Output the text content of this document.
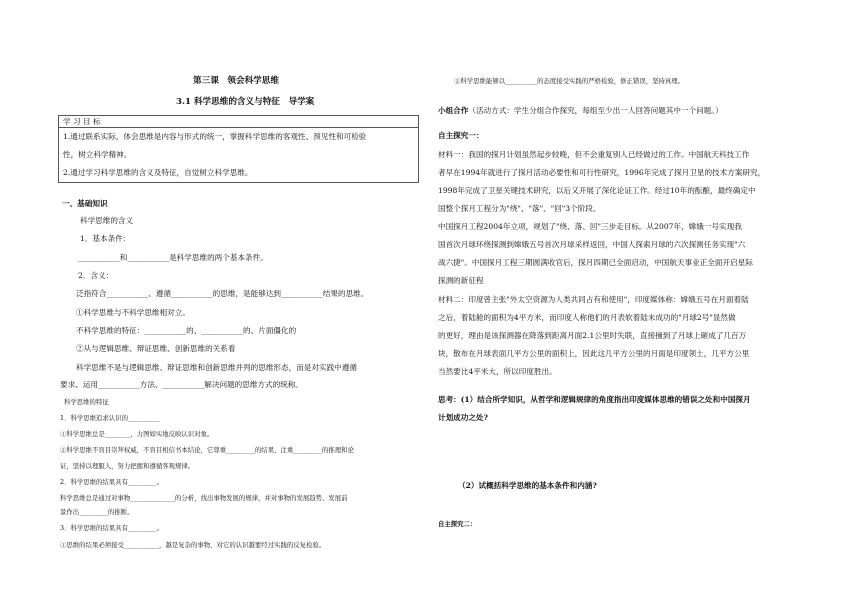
第三课　领会科学思维
3.1 科学思维的含义与特征　导学案
学 习 目 标
1.通过联系实际，体会思维是内容与形式的统一，掌握科学思维的客观性、预见性和可检验
性，树立科学精神。
2.通过学习科学思维的含义及特征，自觉树立科学思维。
一、基础知识
科学思维的含义
1．基本条件：
___________和___________是科学思维的两个基本条件。
2．含义：
泛指符合___________、遵循___________的思维，是能够达到___________结果的思维。
①科学思维与不科学思维相对立。
不科学思维的特征：___________的、___________的、片面僵化的
②从与逻辑思维、辩证思维、创新思维的关系看
科学思维不是与逻辑思维、辩证思维和创新思维并列的思维形态，而是对实践中遵循
要求、运用___________方法、___________解决问题的思维方式的统称。
科学思维的特征
1．科学思维追求认识的__________
①科学思维总是________，力图如实地反映认识对象。
②科学思维不盲目崇拜权威，不盲目相信书本结论，它尊重_________的结果，注重_________的推理和论
证，坚持以理服人，努力把握和遵循客观规律。
2．科学思维的结果具有_________。
科学思维总是通过对事物______________的分析，找出事物发展的规律，并对事物的发展趋势、发展前
景作出_________的推断。
3．科学思维的结果具有_________。
①思维的结果必须接受___________，越是复杂的事物，对它的认识越要经过实践的反复检验。
②科学思维能够以__________的态度接受实践的严格检验，修正错误，坚持真理。
小组合作（活动方式：学生分组合作探究，每组至少出一人回答问题其中一个问题。）
自主探究一：
材料一：我国的探月计划虽然起步较晚，但不会重复别人已经做过的工作。中国航天科技工作
者早在1994年就进行了探月活动必要性和可行性研究，1996年完成了探月卫星的技术方案研究，
1998年完成了卫星关键技术研究，以后又开展了深化论证工作。经过10年的酝酿，最终确定中
国整个探月工程分为"绕"、"落"、"回"3个阶段。
中国探月工程2004年立项，规划了"绕、落、回"三步走目标。从2007年，嫦娥一号实现我
国首次月球环绕探测到嫦娥五号首次月球采样返回，中国人探索月球的六次探测任务实现"六
战六捷"。中国探月工程三期圆满收官后，探月四期已全面启动，中国航天事业正全面开启星际
探测的新征程
材料二：印度曾主张"外太空资源为人类共同占有和使用"，印度媒体称：嫦娥五号在月面着陆
之后，着陆舱的面积为4平方米，而印度人称他们的月表软着陆未成功的"月球2号"显然做
的更好，理由是该探测器在降落到距离月面2.1公里时失联，直接撞到了月球上砸成了几百万
块，散布在月球表面几平方公里的面积上，因此这几平方公里的月面是印度领土，几平方公里
当然要比4平米大，所以印度胜出。
思考：(1）结合所学知识，从哲学和逻辑规律的角度指出印度媒体思维的错误之处和中国探月
计划成功之处?
（2）试概括科学思维的基本条件和内涵?
自主探究二：
